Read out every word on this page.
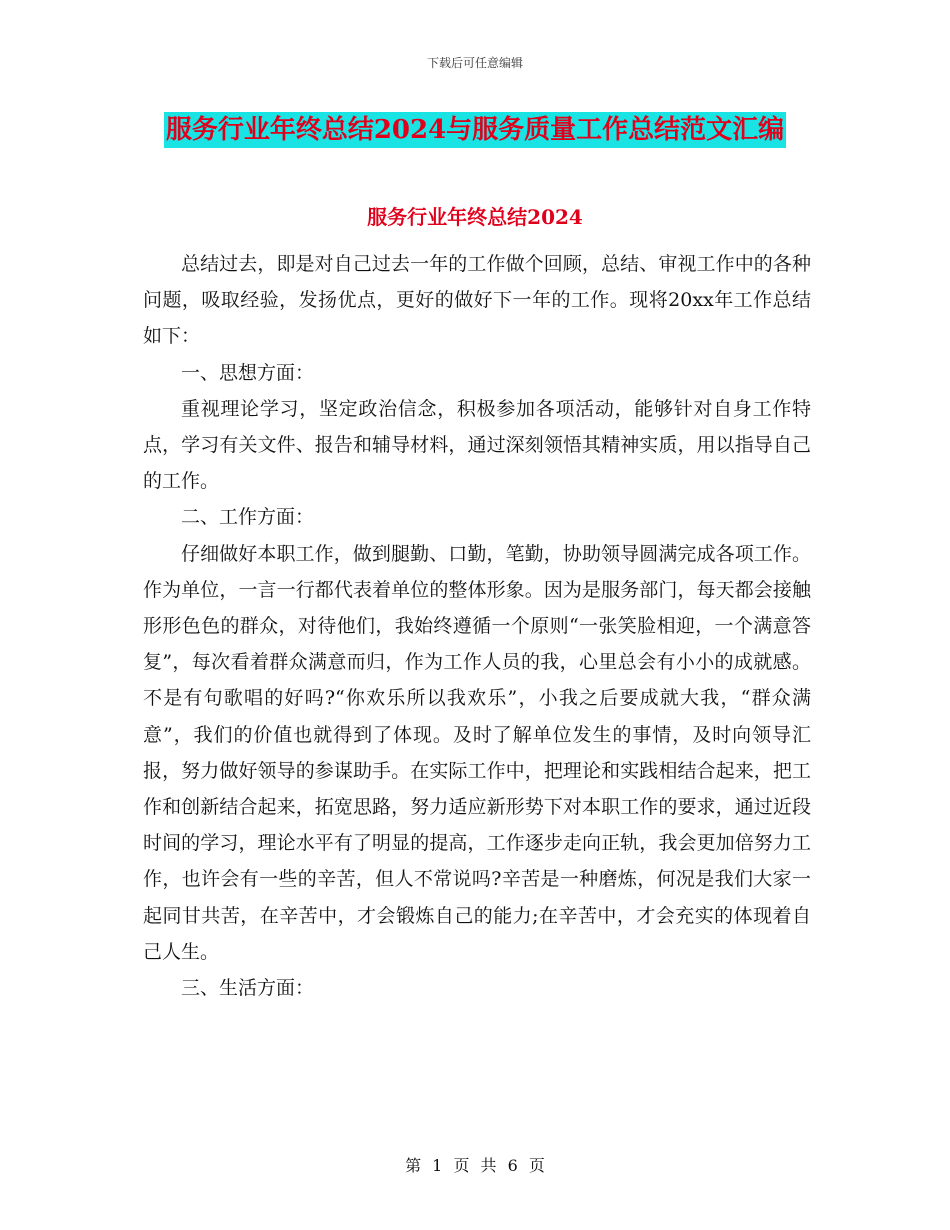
下载后可任意编辑
服务行业年终总结2024与服务质量工作总结范文汇编
服务行业年终总结2024

总结过去，即是对自己过去一年的工作做个回顾，总结、审视工作中的各种问题，吸取经验，发扬优点，更好的做好下一年的工作。现将20xx年工作总结如下：

一、思想方面：

重视理论学习，坚定政治信念，积极参加各项活动，能够针对自身工作特点，学习有关文件、报告和辅导材料，通过深刻领悟其精神实质，用以指导自己的工作。

二、工作方面：

仔细做好本职工作，做到腿勤、口勤，笔勤，协助领导圆满完成各项工作。作为单位，一言一行都代表着单位的整体形象。因为是服务部门，每天都会接触形形色色的群众，对待他们，我始终遵循一个原则“一张笑脸相迎，一个满意答复”，每次看着群众满意而归，作为工作人员的我，心里总会有小小的成就感。不是有句歌唱的好吗?“你欢乐所以我欢乐”，小我之后要成就大我，“群众满意”，我们的价值也就得到了体现。及时了解单位发生的事情，及时向领导汇报，努力做好领导的参谋助手。在实际工作中，把理论和实践相结合起来，把工作和创新结合起来，拓宽思路，努力适应新形势下对本职工作的要求，通过近段时间的学习，理论水平有了明显的提高，工作逐步走向正轨，我会更加倍努力工作，也许会有一些的辛苦，但人不常说吗?辛苦是一种磨炼，何况是我们大家一起同甘共苦，在辛苦中，才会锻炼自己的能力;在辛苦中，才会充实的体现着自己人生。

三、生活方面：

第 1 页 共 6 页
